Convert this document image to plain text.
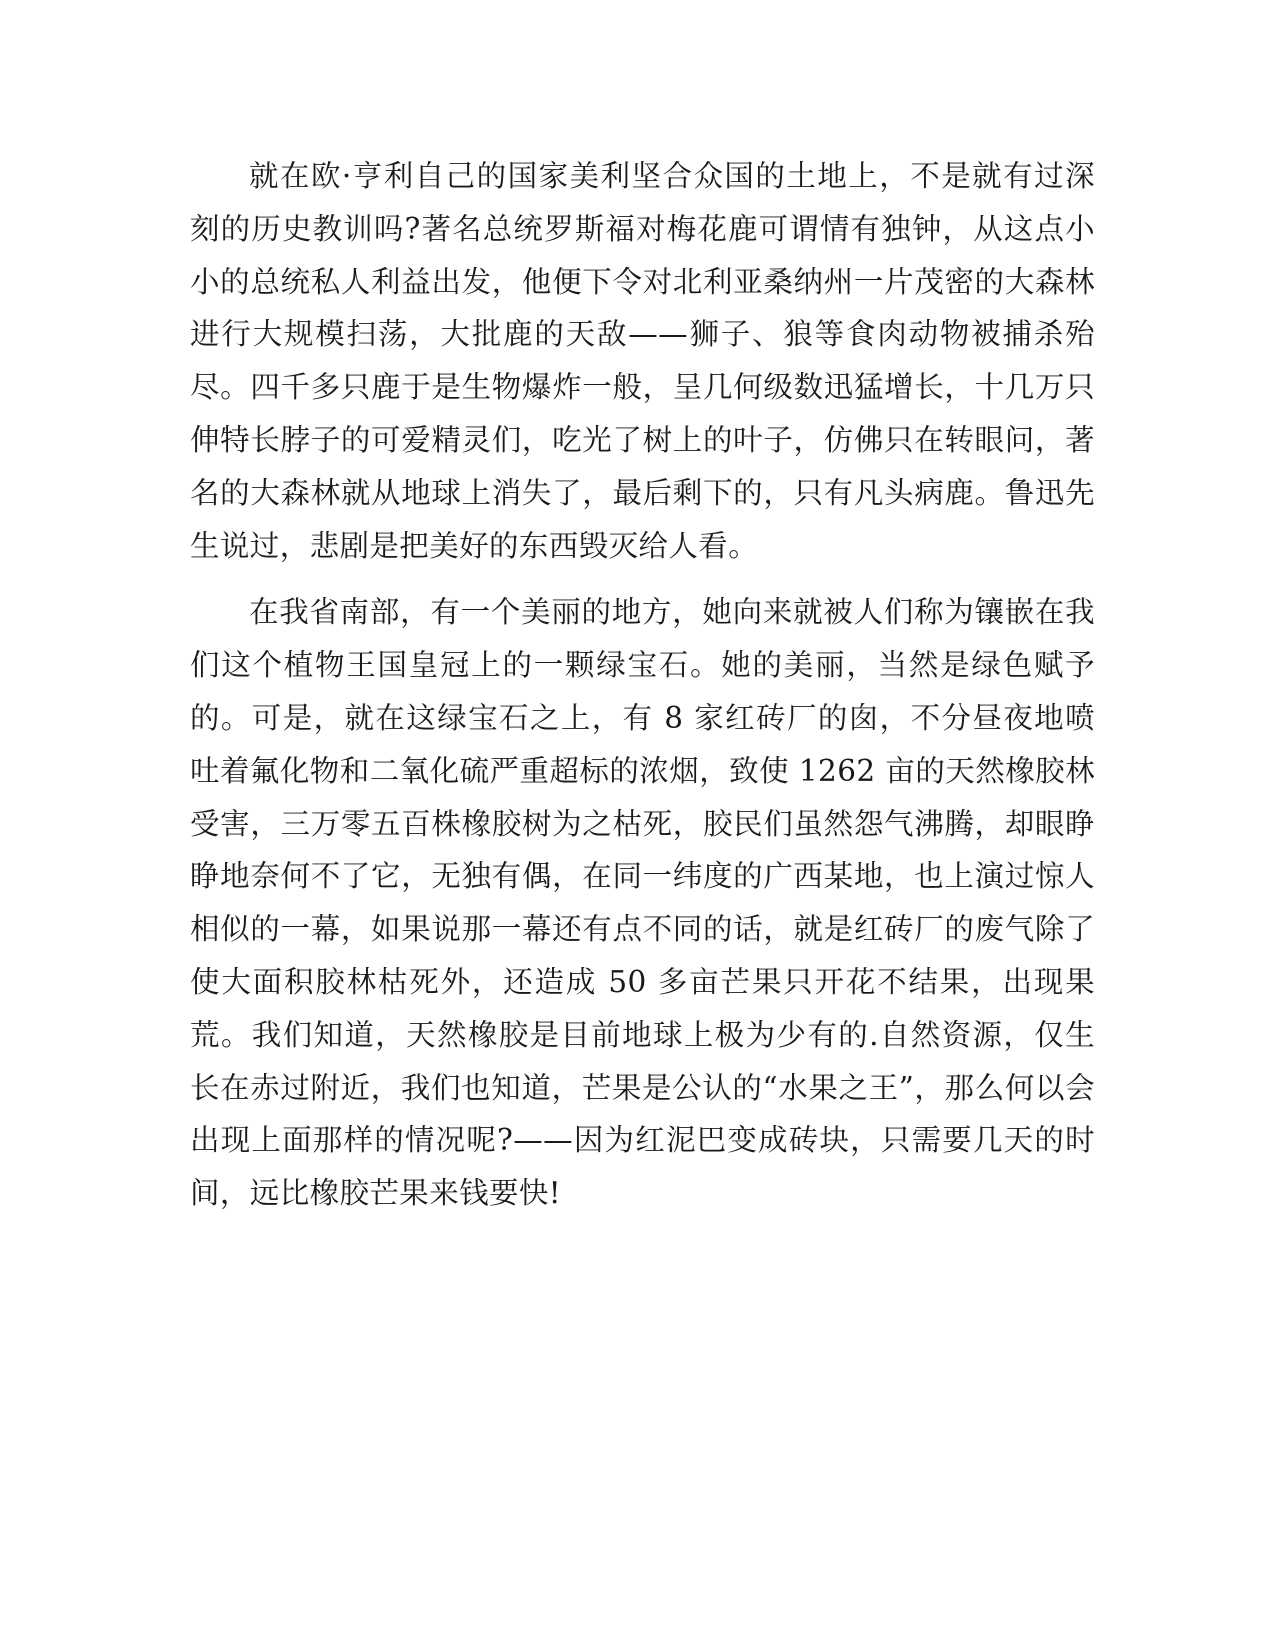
就在欧·亨利自己的国家美利坚合众国的土地上，不是就有过深刻的历史教训吗?著名总统罗斯福对梅花鹿可谓情有独钟，从这点小小的总统私人利益出发，他便下令对北利亚桑纳州一片茂密的大森林进行大规模扫荡，大批鹿的天敌——狮子、狼等食肉动物被捕杀殆尽。四千多只鹿于是生物爆炸一般，呈几何级数迅猛增长，十几万只伸特长脖子的可爱精灵们，吃光了树上的叶子，仿佛只在转眼问，著名的大森林就从地球上消失了，最后剩下的，只有凡头病鹿。鲁迅先生说过，悲剧是把美好的东西毁灭给人看。

在我省南部，有一个美丽的地方，她向来就被人们称为镶嵌在我们这个植物王国皇冠上的一颗绿宝石。她的美丽，当然是绿色赋予的。可是，就在这绿宝石之上，有 8 家红砖厂的囱，不分昼夜地喷吐着氟化物和二氧化硫严重超标的浓烟，致使 1262 亩的天然橡胶林受害，三万零五百株橡胶树为之枯死，胶民们虽然怨气沸腾，却眼睁睁地奈何不了它，无独有偶，在同一纬度的广西某地，也上演过惊人相似的一幕，如果说那一幕还有点不同的话，就是红砖厂的废气除了使大面积胶林枯死外，还造成 50 多亩芒果只开花不结果，出现果荒。我们知道，天然橡胶是目前地球上极为少有的.自然资源，仅生长在赤过附近，我们也知道，芒果是公认的“水果之王”，那么何以会出现上面那样的情况呢?——因为红泥巴变成砖块，只需要几天的时间，远比橡胶芒果来钱要快!
